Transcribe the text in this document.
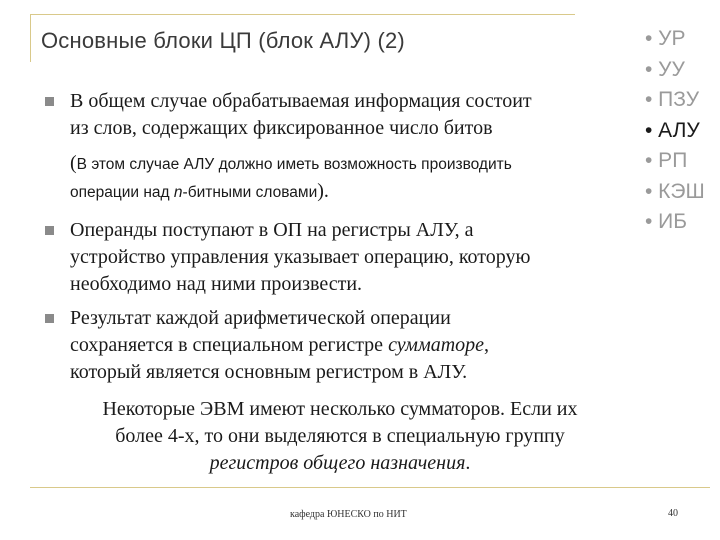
Основные блоки ЦП (блок АЛУ) (2)	• УР
• УУ
• ПЗУ
• АЛУ
• РП
• КЭШ
• ИБ
В общем случае обрабатываемая информация состоит
из слов, содержащих фиксированное число битов
(В этом случае АЛУ должно иметь возможность производить
операции над n-битными словами).
Операнды поступают в ОП на регистры АЛУ, а
устройство управления указывает операцию, которую
необходимо над ними произвести.
Результат каждой арифметической операции
сохраняется в специальном регистре сумматоре,
который является основным регистром в АЛУ.
Некоторые ЭВМ имеют несколько сумматоров. Если их
более 4-х, то они выделяются в специальную группу
регистров общего назначения.
кафедра ЮНЕСКО по НИТ	40
